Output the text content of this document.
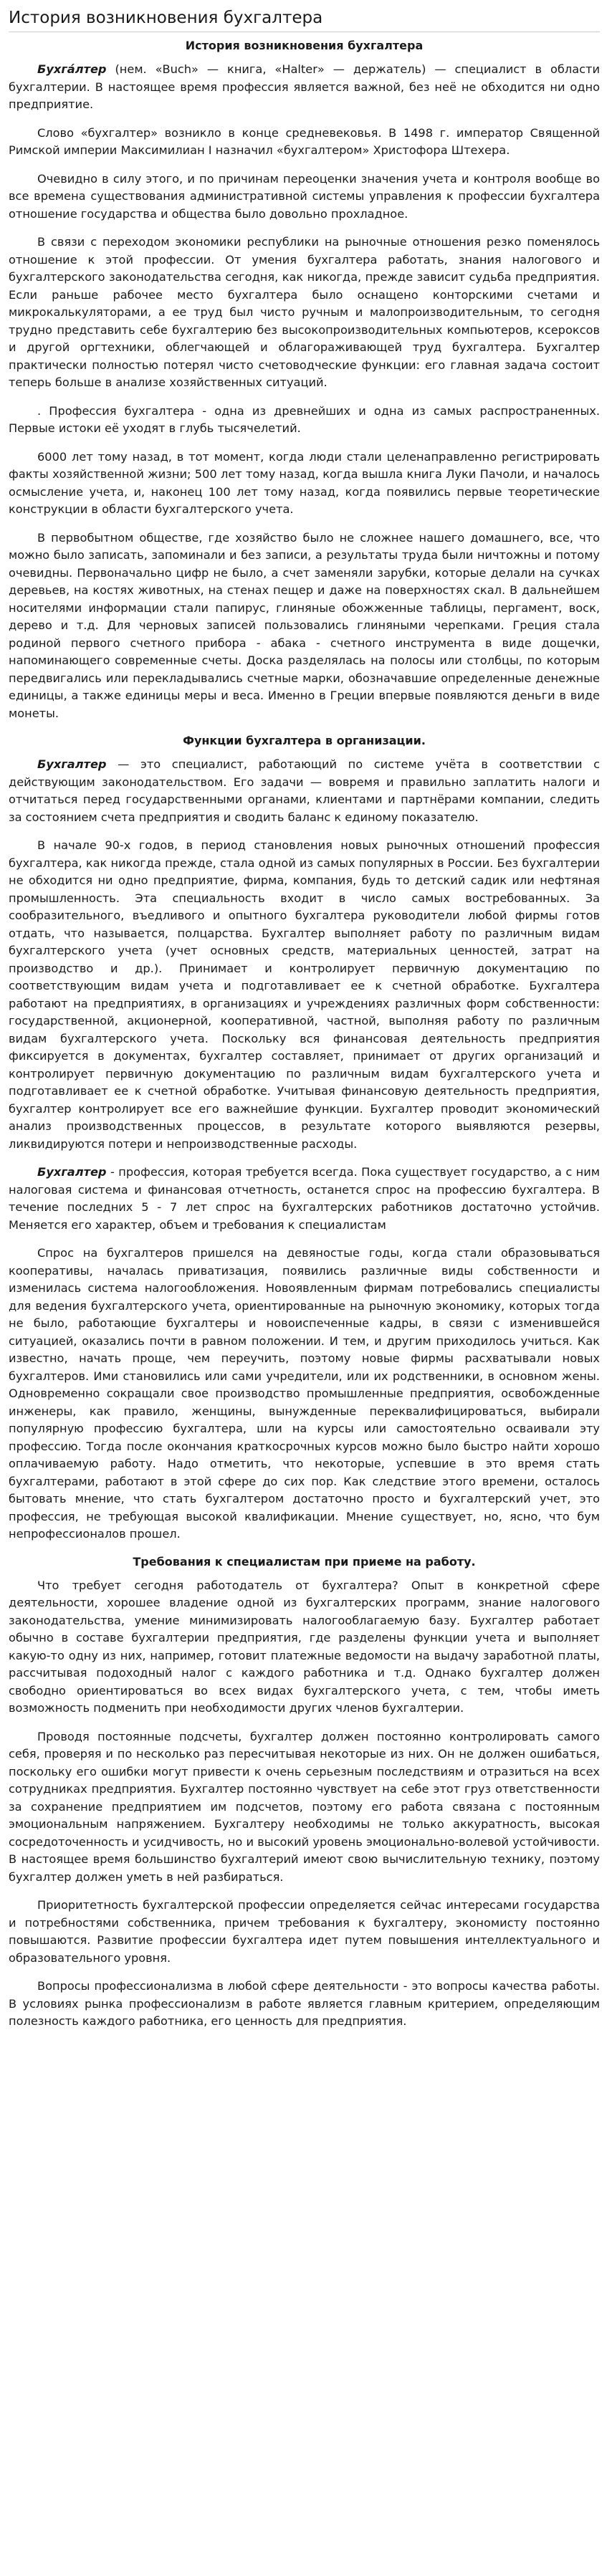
История возникновения бухгалтера
История возникновения бухгалтера

Бухга́лтер (нем. «Buch» — книга, «Halter» — держатель) — специалист в области бухгалтерии. В настоящее время профессия является важной, без неё не обходится ни одно предприятие.

Слово «бухгалтер» возникло в конце средневековья. В 1498 г. император Священной Римской империи Максимилиан I назначил «бухгалтером» Христофора Штехера.

Очевидно в силу этого, и по причинам переоценки значения учета и контроля вообще во все времена существования административной системы управления к профессии бухгалтера отношение государства и общества было довольно прохладное.

В связи с переходом экономики республики на рыночные отношения резко поменялось отношение к этой профессии. От умения бухгалтера работать, знания налогового и бухгалтерского законодательства сегодня, как никогда, прежде зависит судьба предприятия. Если раньше рабочее место бухгалтера было оснащено конторскими счетами и микрокалькуляторами, а ее труд был чисто ручным и малопроизводительным, то сегодня трудно представить себе бухгалтерию без высокопроизводительных компьютеров, ксероксов и другой оргтехники, облегчающей и облагораживающей труд бухгалтера. Бухгалтер практически полностью потерял чисто счетоводческие функции: его главная задача состоит теперь больше в анализе хозяйственных ситуаций.

. Профессия бухгалтера - одна из древнейших и одна из самых распространенных. Первые истоки её уходят в глубь тысячелетий.

6000 лет тому назад, в тот момент, когда люди стали целенаправленно регистрировать факты хозяйственной жизни; 500 лет тому назад, когда вышла книга Луки Пачоли, и началось осмысление учета, и, наконец 100 лет тому назад, когда появились первые теоретические конструкции в области бухгалтерского учета.

В первобытном обществе, где хозяйство было не сложнее нашего домашнего, все, что можно было записать, запоминали и без записи, а результаты труда были ничтожны и потому очевидны. Первоначально цифр не было, а счет заменяли зарубки, которые делали на сучках деревьев, на костях животных, на стенах пещер и даже на поверхностях скал. В дальнейшем носителями информации стали папирус, глиняные обожженные таблицы, пергамент, воск, дерево и т.д. Для черновых записей пользовались глиняными черепками. Греция стала родиной первого счетного прибора - абака - счетного инструмента в виде дощечки, напоминающего современные счеты. Доска разделялась на полосы или столбцы, по которым передвигались или перекладывались счетные марки, обозначавшие определенные денежные единицы, а также единицы меры и веса. Именно в Греции впервые появляются деньги в виде монеты.

Функции бухгалтера в организации.

Бухгалтер — это специалист, работающий по системе учёта в соответствии с действующим законодательством. Его задачи — вовремя и правильно заплатить налоги и отчитаться перед государственными органами, клиентами и партнёрами компании, следить за состоянием счета предприятия и сводить баланс к единому показателю.

В начале 90-х годов, в период становления новых рыночных отношений профессия бухгалтера, как никогда прежде, стала одной из самых популярных в России. Без бухгалтерии не обходится ни одно предприятие, фирма, компания, будь то детский садик или нефтяная промышленность. Эта специальность входит в число самых востребованных. За сообразительного, въедливого и опытного бухгалтера руководители любой фирмы готов отдать, что называется, полцарства. Бухгалтер выполняет работу по различным видам бухгалтерского учета (учет основных средств, материальных ценностей, затрат на производство и др.). Принимает и контролирует первичную документацию по соответствующим видам учета и подготавливает ее к счетной обработке. Бухгалтера работают на предприятиях, в организациях и учреждениях различных форм собственности: государственной, акционерной, кооперативной, частной, выполняя работу по различным видам бухгалтерского учета. Поскольку вся финансовая деятельность предприятия фиксируется в документах, бухгалтер составляет, принимает от других организаций и контролирует первичную документацию по различным видам бухгалтерского учета и подготавливает ее к счетной обработке. Учитывая финансовую деятельность предприятия, бухгалтер контролирует все его важнейшие функции. Бухгалтер проводит экономический анализ производственных процессов, в результате которого выявляются резервы, ликвидируются потери и непроизводственные расходы.

Бухгалтер - профессия, которая требуется всегда. Пока существует государство, а с ним налоговая система и финансовая отчетность, останется спрос на профессию бухгалтера. В течение последних 5 - 7 лет спрос на бухгалтерских работников достаточно устойчив. Меняется его характер, объем и требования к специалистам

Спрос на бухгалтеров пришелся на девяностые годы, когда стали образовываться кооперативы, началась приватизация, появились различные виды собственности и изменилась система налогообложения. Новоявленным фирмам потребовались специалисты для ведения бухгалтерского учета, ориентированные на рыночную экономику, которых тогда не было, работающие бухгалтеры и новоиспеченные кадры, в связи с изменившейся ситуацией, оказались почти в равном положении. И тем, и другим приходилось учиться. Как известно, начать проще, чем переучить, поэтому новые фирмы расхватывали новых бухгалтеров. Ими становились или сами учредители, или их родственники, в основном жены. Одновременно сокращали свое производство промышленные предприятия, освобожденные инженеры, как правило, женщины, вынужденные переквалифицироваться, выбирали популярную профессию бухгалтера, шли на курсы или самостоятельно осваивали эту профессию. Тогда после окончания краткосрочных курсов можно было быстро найти хорошо оплачиваемую работу. Надо отметить, что некоторые, успевшие в это время стать бухгалтерами, работают в этой сфере до сих пор. Как следствие этого времени, осталось бытовать мнение, что стать бухгалтером достаточно просто и бухгалтерский учет, это профессия, не требующая высокой квалификации. Мнение существует, но, ясно, что бум непрофессионалов прошел.

Требования к специалистам при приеме на работу.

Что требует сегодня работодатель от бухгалтера? Опыт в конкретной сфере деятельности, хорошее владение одной из бухгалтерских программ, знание налогового законодательства, умение минимизировать налогооблагаемую базу. Бухгалтер работает обычно в составе бухгалтерии предприятия, где разделены функции учета и выполняет какую-то одну из них, например, готовит платежные ведомости на выдачу заработной платы, рассчитывая подоходный налог с каждого работника и т.д. Однако бухгалтер должен свободно ориентироваться во всех видах бухгалтерского учета, с тем, чтобы иметь возможность подменить при необходимости других членов бухгалтерии.

Проводя постоянные подсчеты, бухгалтер должен постоянно контролировать самого себя, проверяя и по несколько раз пересчитывая некоторые из них. Он не должен ошибаться, поскольку его ошибки могут привести к очень серьезным последствиям и отразиться на всех сотрудниках предприятия. Бухгалтер постоянно чувствует на себе этот груз ответственности за сохранение предприятием им подсчетов, поэтому его работа связана с постоянным эмоциональным напряжением. Бухгалтеру необходимы не только аккуратность, высокая сосредоточенность и усидчивость, но и высокий уровень эмоционально-волевой устойчивости. В настоящее время большинство бухгалтерий имеют свою вычислительную технику, поэтому бухгалтер должен уметь в ней разбираться.

Приоритетность бухгалтерской профессии определяется сейчас интересами государства и потребностями собственника, причем требования к бухгалтеру, экономисту постоянно повышаются. Развитие профессии бухгалтера идет путем повышения интеллектуального и образовательного уровня.

Вопросы профессионализма в любой сфере деятельности - это вопросы качества работы. В условиях рынка профессионализм в работе является главным критерием, определяющим полезность каждого работника, его ценность для предприятия.
